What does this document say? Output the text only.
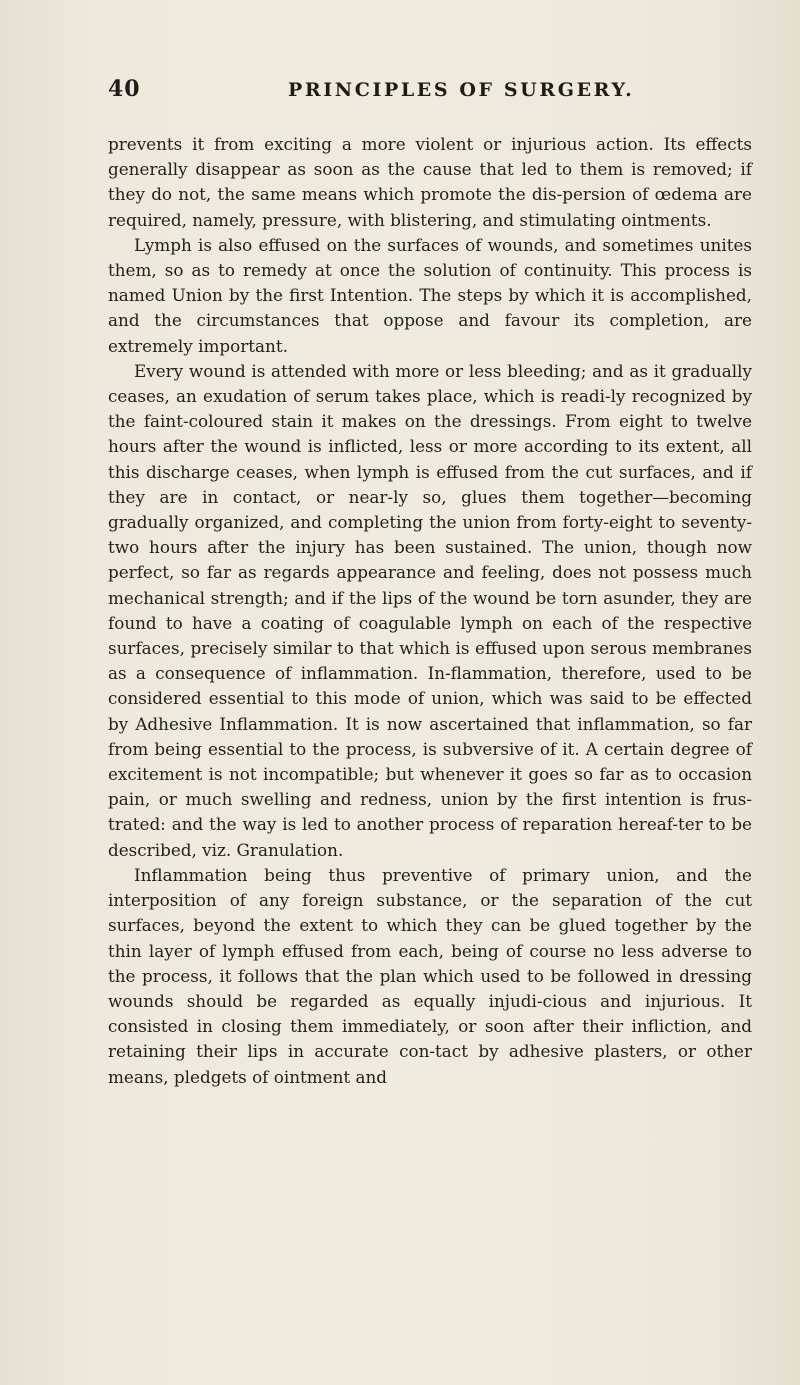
40	PRINCIPLES OF SURGERY.

prevents it from exciting a more violent or injurious action. Its effects generally disappear as soon as the cause that led to them is removed; if they do not, the same means which promote the dis-persion of œdema are required, namely, pressure, with blistering, and stimulating ointments.

Lymph is also effused on the surfaces of wounds, and sometimes unites them, so as to remedy at once the solution of continuity. This process is named Union by the first Intention. The steps by which it is accomplished, and the circumstances that oppose and favour its completion, are extremely important.

Every wound is attended with more or less bleeding; and as it gradually ceases, an exudation of serum takes place, which is readi-ly recognized by the faint-coloured stain it makes on the dressings. From eight to twelve hours after the wound is inflicted, less or more according to its extent, all this discharge ceases, when lymph is effused from the cut surfaces, and if they are in contact, or near-ly so, glues them together—becoming gradually organized, and completing the union from forty-eight to seventy-two hours after the injury has been sustained. The union, though now perfect, so far as regards appearance and feeling, does not possess much mechanical strength; and if the lips of the wound be torn asunder, they are found to have a coating of coagulable lymph on each of the respective surfaces, precisely similar to that which is effused upon serous membranes as a consequence of inflammation. In-flammation, therefore, used to be considered essential to this mode of union, which was said to be effected by Adhesive Inflammation. It is now ascertained that inflammation, so far from being essential to the process, is subversive of it. A certain degree of excitement is not incompatible; but whenever it goes so far as to occasion pain, or much swelling and redness, union by the first intention is frus-trated: and the way is led to another process of reparation hereaf-ter to be described, viz. Granulation.

Inflammation being thus preventive of primary union, and the interposition of any foreign substance, or the separation of the cut surfaces, beyond the extent to which they can be glued together by the thin layer of lymph effused from each, being of course no less adverse to the process, it follows that the plan which used to be followed in dressing wounds should be regarded as equally injudi-cious and injurious. It consisted in closing them immediately, or soon after their infliction, and retaining their lips in accurate con-tact by adhesive plasters, or other means, pledgets of ointment and
